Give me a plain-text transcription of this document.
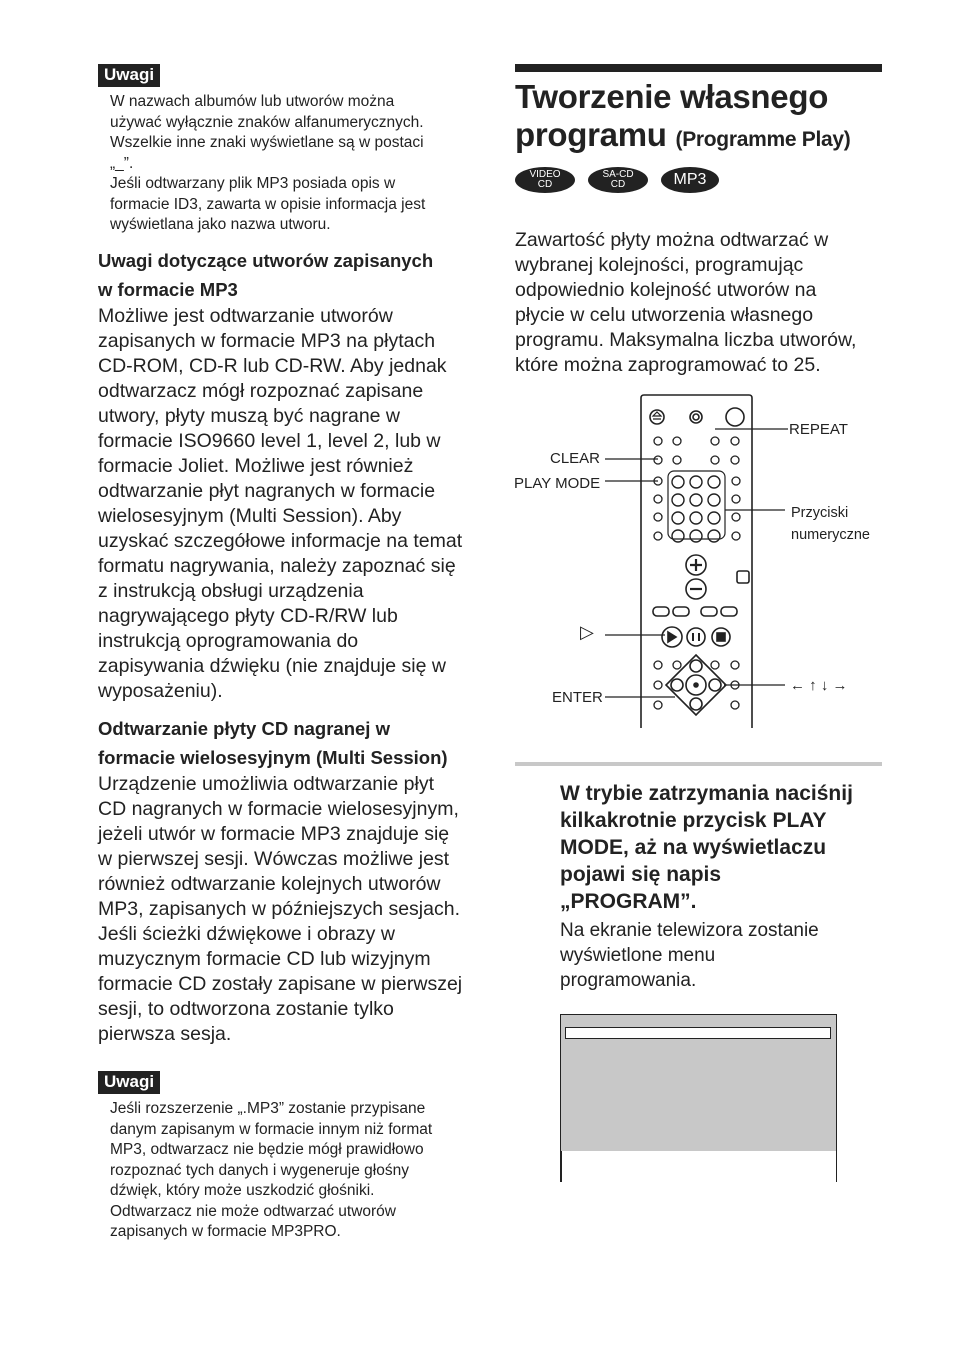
Uwagi
W nazwach albumów lub utworów można
używać wyłącznie znaków alfanumerycznych.
Wszelkie inne znaki wyświetlane są w postaci
„_”.
Jeśli odtwarzany plik MP3 posiada opis w
formacie ID3, zawarta w opisie informacja jest
wyświetlana jako nazwa utworu.
Uwagi dotyczące utworów zapisanych
w formacie MP3
Możliwe jest odtwarzanie utworów
zapisanych w formacie MP3 na płytach
CD-ROM, CD-R lub CD-RW. Aby jednak
odtwarzacz mógł rozpoznać zapisane
utwory, płyty muszą być nagrane w
formacie ISO9660 level 1, level 2, lub w
formacie Joliet. Możliwe jest również
odtwarzanie płyt nagranych w formacie
wielosesyjnym (Multi Session). Aby
uzyskać szczegółowe informacje na temat
formatu nagrywania, należy zapoznać się
z instrukcją obsługi urządzenia
nagrywającego płyty CD-R/RW lub
instrukcją oprogramowania do
zapisywania dźwięku (nie znajduje się w
wyposażeniu).
Odtwarzanie płyty CD nagranej w
formacie wielosesyjnym (Multi Session)
Urządzenie umożliwia odtwarzanie płyt
CD nagranych w formacie wielosesyjnym,
jeżeli utwór w formacie MP3 znajduje się
w pierwszej sesji. Wówczas możliwe jest
również odtwarzanie kolejnych utworów
MP3, zapisanych w późniejszych sesjach.
Jeśli ścieżki dźwiękowe i obrazy w
muzycznym formacie CD lub wizyjnym
formacie CD zostały zapisane w pierwszej
sesji, to odtworzona zostanie tylko
pierwsza sesja.
Uwagi
Jeśli rozszerzenie „.MP3” zostanie przypisane
danym zapisanym w formacie innym niż format
MP3, odtwarzacz nie będzie mógł prawidłowo
rozpoznać tych danych i wygeneruje głośny
dźwięk, który może uszkodzić głośniki.
Odtwarzacz nie może odtwarzać utworów
zapisanych w formacie MP3PRO.
Tworzenie własnego
programu (Programme Play)
VIDEO
CD
SA-CD
CD	MP3
Zawartość płyty można odtwarzać w
wybranej kolejności, programując
odpowiednio kolejność utworów na
płycie w celu utworzenia własnego
programu. Maksymalna liczba utworów,
które można zaprogramować to 25.
REPEAT
CLEAR
PLAY MODE
Przyciski
numeryczne
▷
← ↑ ↓ →
ENTER
W trybie zatrzymania naciśnij
kilkakrotnie przycisk PLAY
MODE, aż na wyświetlaczu
pojawi się napis
„PROGRAM”.
Na ekranie telewizora zostanie
wyświetlone menu
programowania.
